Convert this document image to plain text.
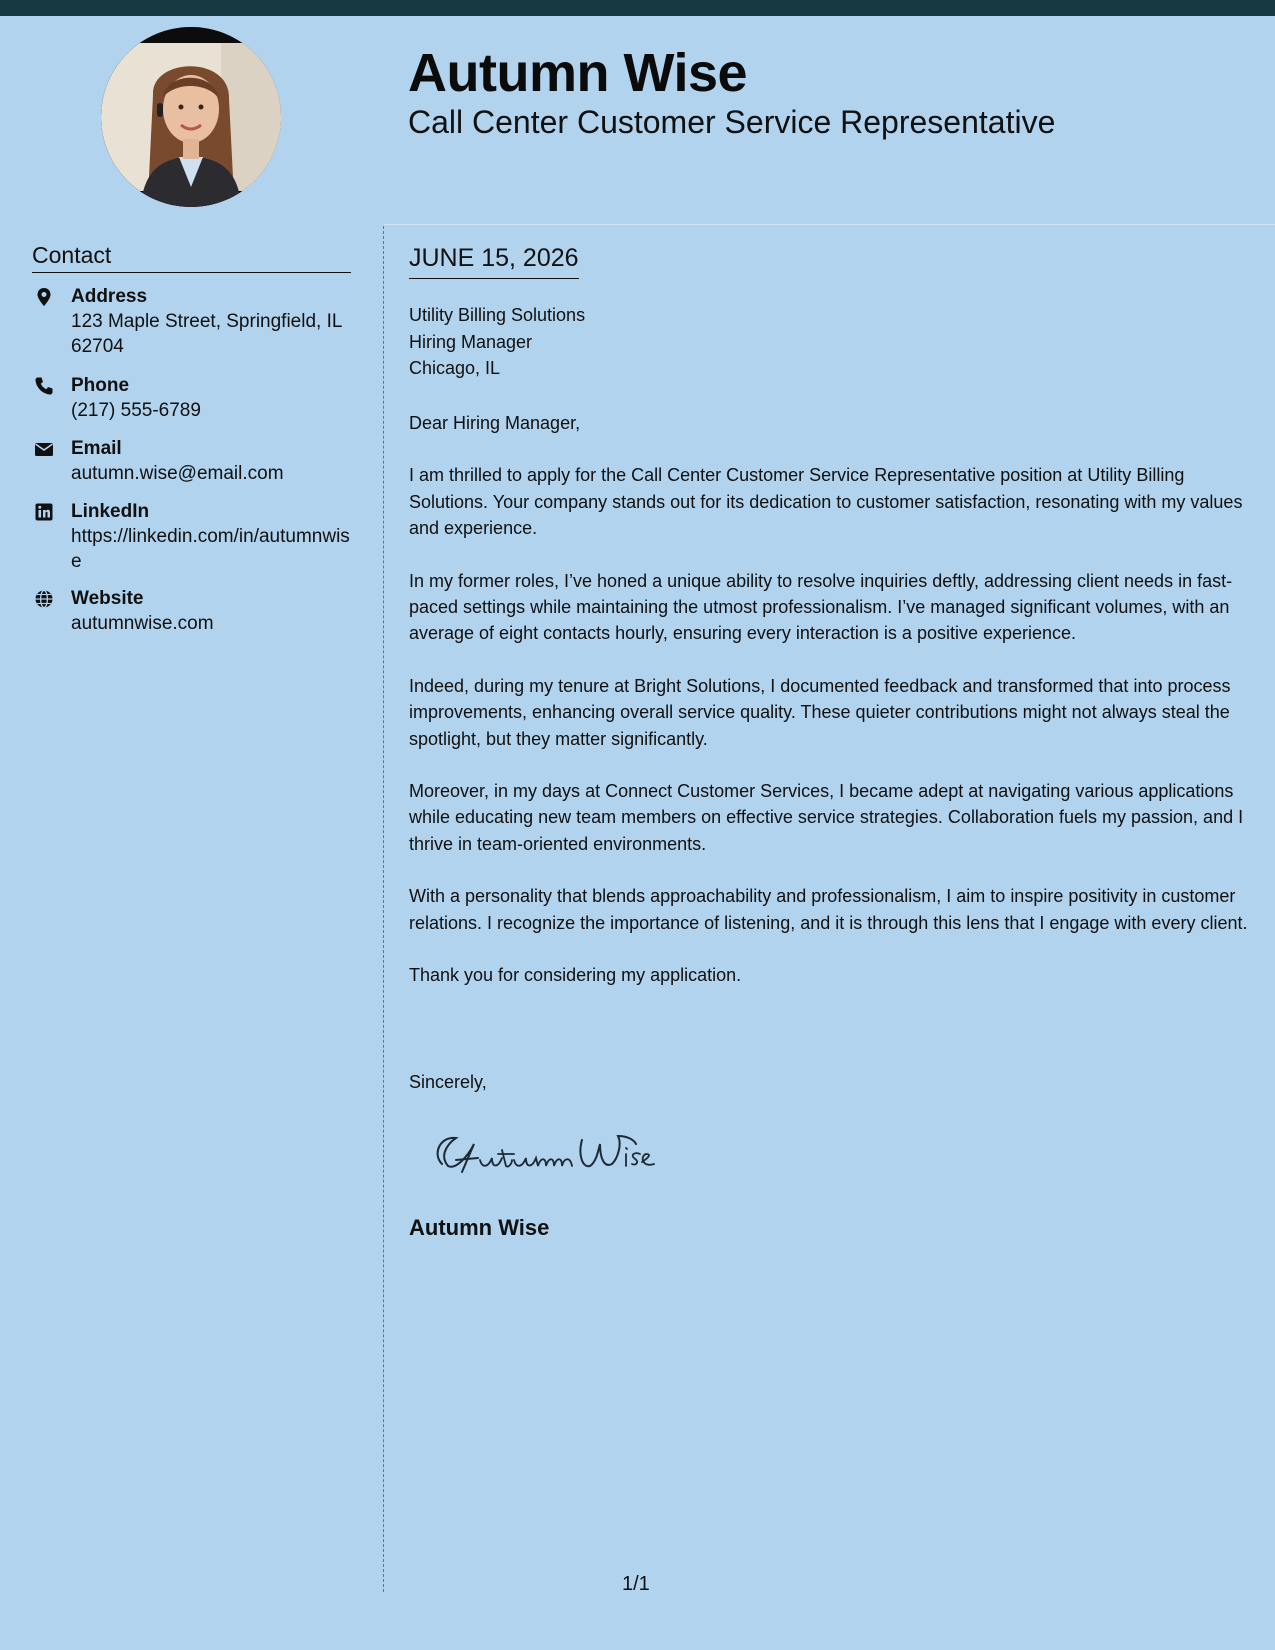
Autumn Wise
Call Center Customer Service Representative
Contact
Address
123 Maple Street, Springfield, IL 62704
Phone
(217) 555-6789
Email
autumn.wise@email.com
LinkedIn
https://linkedin.com/in/autumnwise
Website
autumnwise.com
JUNE 15, 2026
Utility Billing Solutions
Hiring Manager
Chicago, IL

Dear Hiring Manager,

I am thrilled to apply for the Call Center Customer Service Representative position at Utility Billing Solutions. Your company stands out for its dedication to customer satisfaction, resonating with my values and experience.

In my former roles, I’ve honed a unique ability to resolve inquiries deftly, addressing client needs in fast-paced settings while maintaining the utmost professionalism. I’ve managed significant volumes, with an average of eight contacts hourly, ensuring every interaction is a positive experience.

Indeed, during my tenure at Bright Solutions, I documented feedback and transformed that into process improvements, enhancing overall service quality. These quieter contributions might not always steal the spotlight, but they matter significantly.

Moreover, in my days at Connect Customer Services, I became adept at navigating various applications while educating new team members on effective service strategies. Collaboration fuels my passion, and I thrive in team-oriented environments.

With a personality that blends approachability and professionalism, I aim to inspire positivity in customer relations. I recognize the importance of listening, and it is through this lens that I engage with every client.

Thank you for considering my application.

Sincerely,
Autumn Wise
1/1
